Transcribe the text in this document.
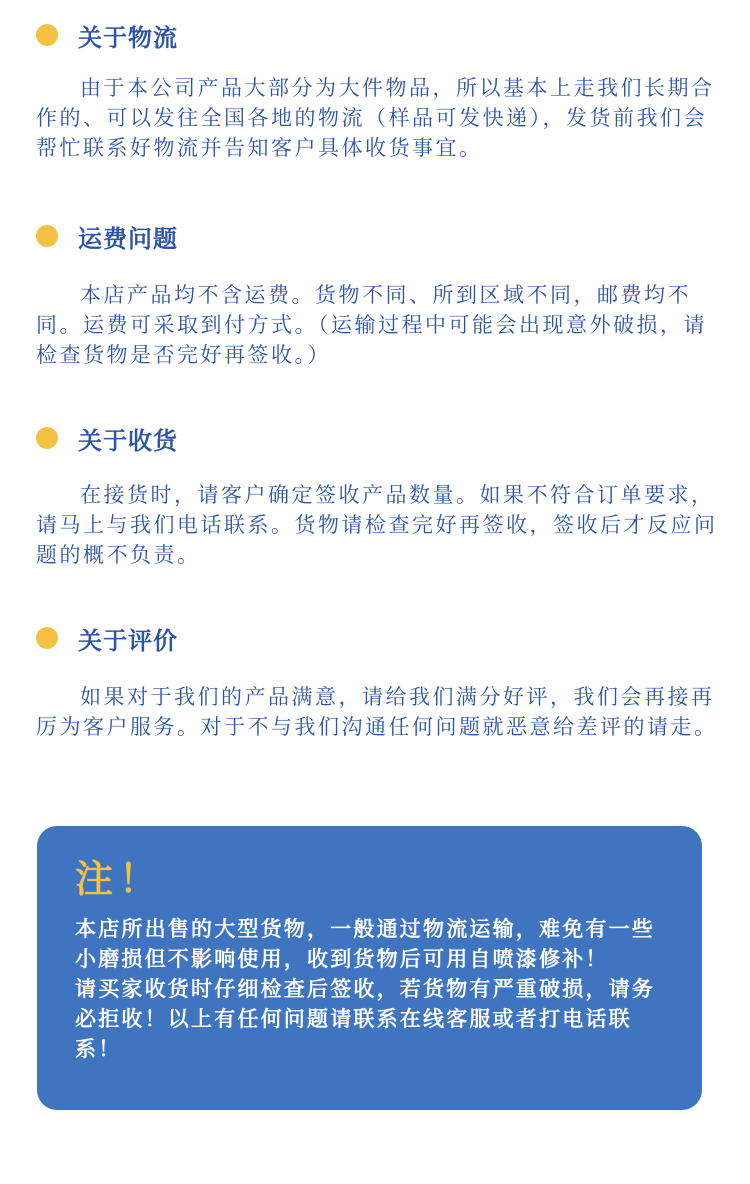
关于物流

由于本公司产品大部分为大件物品，所以基本上走我们长期合作的、可以发往全国各地的物流（样品可发快递），发货前我们会帮忙联系好物流并告知客户具体收货事宜。

运费问题

本店产品均不含运费。货物不同、所到区域不同，邮费均不同。运费可采取到付方式。（运输过程中可能会出现意外破损，请检查货物是否完好再签收。）

关于收货

在接货时，请客户确定签收产品数量。如果不符合订单要求，请马上与我们电话联系。货物请检查完好再签收，签收后才反应问题的概不负责。

关于评价

如果对于我们的产品满意，请给我们满分好评，我们会再接再厉为客户服务。对于不与我们沟通任何问题就恶意给差评的请走。

注！

本店所出售的大型货物，一般通过物流运输，难免有一些小磨损但不影响使用，收到货物后可用自喷漆修补！

请买家收货时仔细检查后签收，若货物有严重破损，请务必拒收！以上有任何问题请联系在线客服或者打电话联系！
